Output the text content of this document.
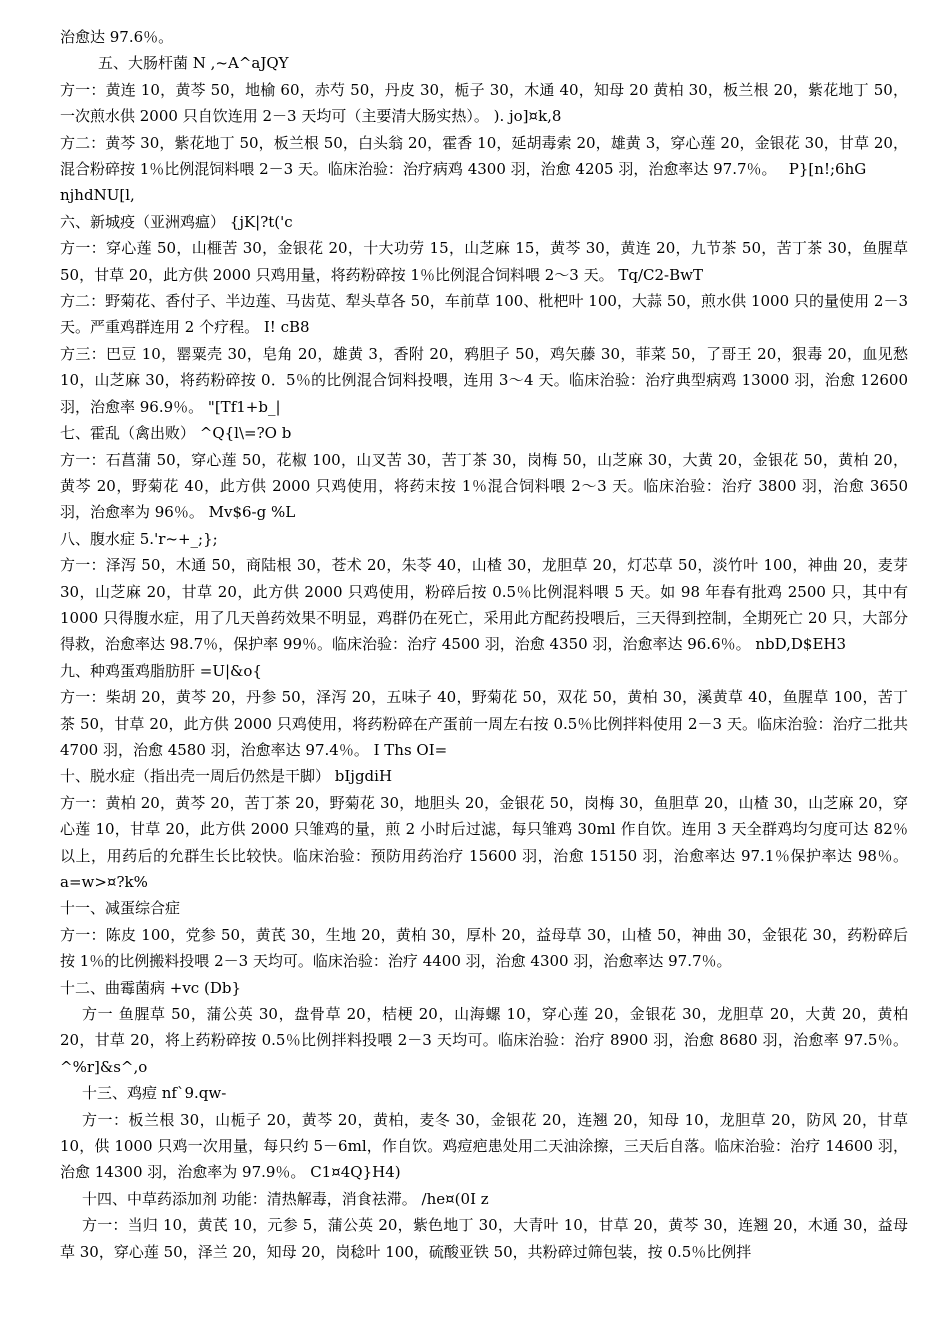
治愈达 97.6％。

五、大肠杆菌 N ,~A^aJQY

方一：黄连 10，黄芩 50，地榆 60，赤芍 50，丹皮 30，栀子 30，木通 40，知母 20 黄柏 30，板兰根 20，紫花地丁 50，一次煎水供 2000 只自饮连用 2－3 天均可（主要清大肠实热）。 ). jo]¤k,8

方二：黄芩 30，紫花地丁 50，板兰根 50，白头翁 20，霍香 10，延胡毒索 20，雄黄 3，穿心莲 20，金银花 30，甘草 20，混合粉碎按 1％比例混饲料喂 2－3 天。临床治验：治疗病鸡 4300 羽，治愈 4205 羽，治愈率达 97.7％。　 P}[n!;6hG

njhdNU[l,

六、新城疫（亚洲鸡瘟） {jK|?t('c

方一：穿心莲 50，山榧苦 30，金银花 20，十大功劳 15，山芝麻 15，黄芩 30，黄连 20，九节茶 50，苦丁茶 30，鱼腥草 50，甘草 20，此方供 2000 只鸡用量，将药粉碎按 1％比例混合饲料喂 2～3 天。 Tq/C2-BwT

方二：野菊花、香付子、半边莲、马齿苋、犁头草各 50，车前草 100、枇杷叶 100，大蒜 50，煎水供 1000 只的量使用 2－3 天。严重鸡群连用 2 个疗程。 I! cB8

方三：巴豆 10，罂粟壳 30，皂角 20，雄黄 3，香附 20，鸦胆子 50，鸡矢藤 30，菲菜 50，了哥王 20，狠毒 20，血见愁 10，山芝麻 30，将药粉碎按 0．5％的比例混合饲料投喂，连用 3～4 天。临床治验：治疗典型病鸡 13000 羽，治愈 12600 羽，治愈率 96.9％。 "[Tf1+b_|

七、霍乱（禽出败） ^Q{l\=?O b

方一：石菖蒲 50，穿心莲 50，花椒 100，山叉苦 30，苦丁茶 30，岗梅 50，山芝麻 30，大黄 20，金银花 50，黄柏 20，黄芩 20，野菊花 40，此方供 2000 只鸡使用，将药末按 1％混合饲料喂 2～3 天。临床治验：治疗 3800 羽，治愈 3650 羽，治愈率为 96％。 Mv$6-g %L

八、腹水症 5.'r~+_;};

方一：泽泻 50，木通 50，商陆根 30，苍术 20，朱苓 40，山楂 30，龙胆草 20，灯芯草 50，淡竹叶 100，神曲 20，麦芽 30，山芝麻 20，甘草 20，此方供 2000 只鸡使用，粉碎后按 0.5％比例混料喂 5 天。如 98 年春有批鸡 2500 只，其中有 1000 只得腹水症，用了几天兽药效果不明显，鸡群仍在死亡，采用此方配药投喂后，三天得到控制，全期死亡 20 只，大部分得救，治愈率达 98.7％，保护率 99％。临床治验：治疗 4500 羽，治愈 4350 羽，治愈率达 96.6％。 nbD,D$EH3

九、种鸡蛋鸡脂肪肝 =U|&o{

方一：柴胡 20，黄芩 20，丹参 50，泽泻 20，五味子 40，野菊花 50，双花 50，黄柏 30，溪黄草 40，鱼腥草 100，苦丁茶 50，甘草 20，此方供 2000 只鸡使用，将药粉碎在产蛋前一周左右按 0.5％比例拌料使用 2－3 天。临床治验：治疗二批共 4700 羽，治愈 4580 羽，治愈率达 97.4％。 I Ths OI=

十、脱水症（指出壳一周后仍然是干脚） bIjgdiH

方一：黄柏 20，黄芩 20，苦丁茶 20，野菊花 30，地胆头 20，金银花 50，岗梅 30，鱼胆草 20，山楂 30，山芝麻 20，穿心莲 10，甘草 20，此方供 2000 只雏鸡的量，煎 2 小时后过滤，每只雏鸡 30ml 作自饮。连用 3 天全群鸡均匀度可达 82％以上，用药后的允群生长比较快。临床治验：预防用药治疗 15600 羽，治愈 15150 羽，治愈率达 97.1％保护率达 98％。 a=w>¤?k%

十一、减蛋综合症

方一：陈皮 100，党参 50，黄芪 30，生地 20，黄柏 30，厚朴 20，益母草 30，山楂 50，神曲 30，金银花 30，药粉碎后按 1％的比例搬料投喂 2－3 天均可。临床治验：治疗 4400 羽，治愈 4300 羽，治愈率达 97.7％。

十二、曲霉菌病 +vc (Db}

方一 鱼腥草 50，蒲公英 30，盘骨草 20，桔梗 20，山海螺 10，穿心莲 20，金银花 30，龙胆草 20，大黄 20，黄柏 20，甘草 20，将上药粉碎按 0.5％比例拌料投喂 2－3 天均可。临床治验：治疗 8900 羽，治愈 8680 羽，治愈率 97.5％。 ^%r]&s^,o

十三、鸡痘 nf`9.qw-

方一：板兰根 30，山栀子 20，黄芩 20，黄柏，麦冬 30，金银花 20，连翘 20，知母 10，龙胆草 20，防风 20，甘草 10，供 1000 只鸡一次用量，每只约 5－6ml，作自饮。鸡痘疤患处用二天油涂擦，三天后自落。临床治验：治疗 14600 羽，治愈 14300 羽，治愈率为 97.9％。 C1¤4Q}H4)

十四、中草药添加剂 功能：清热解毒，消食祛滞。 /he¤(0I z

方一：当归 10，黄芪 10，元参 5，蒲公英 20，紫色地丁 30，大青叶 10，甘草 20，黄芩 30，连翘 20，木通 30，益母草 30，穿心莲 50，泽兰 20，知母 20，岗稔叶 100，硫酸亚铁 50，共粉碎过筛包装，按 0.5％比例拌
